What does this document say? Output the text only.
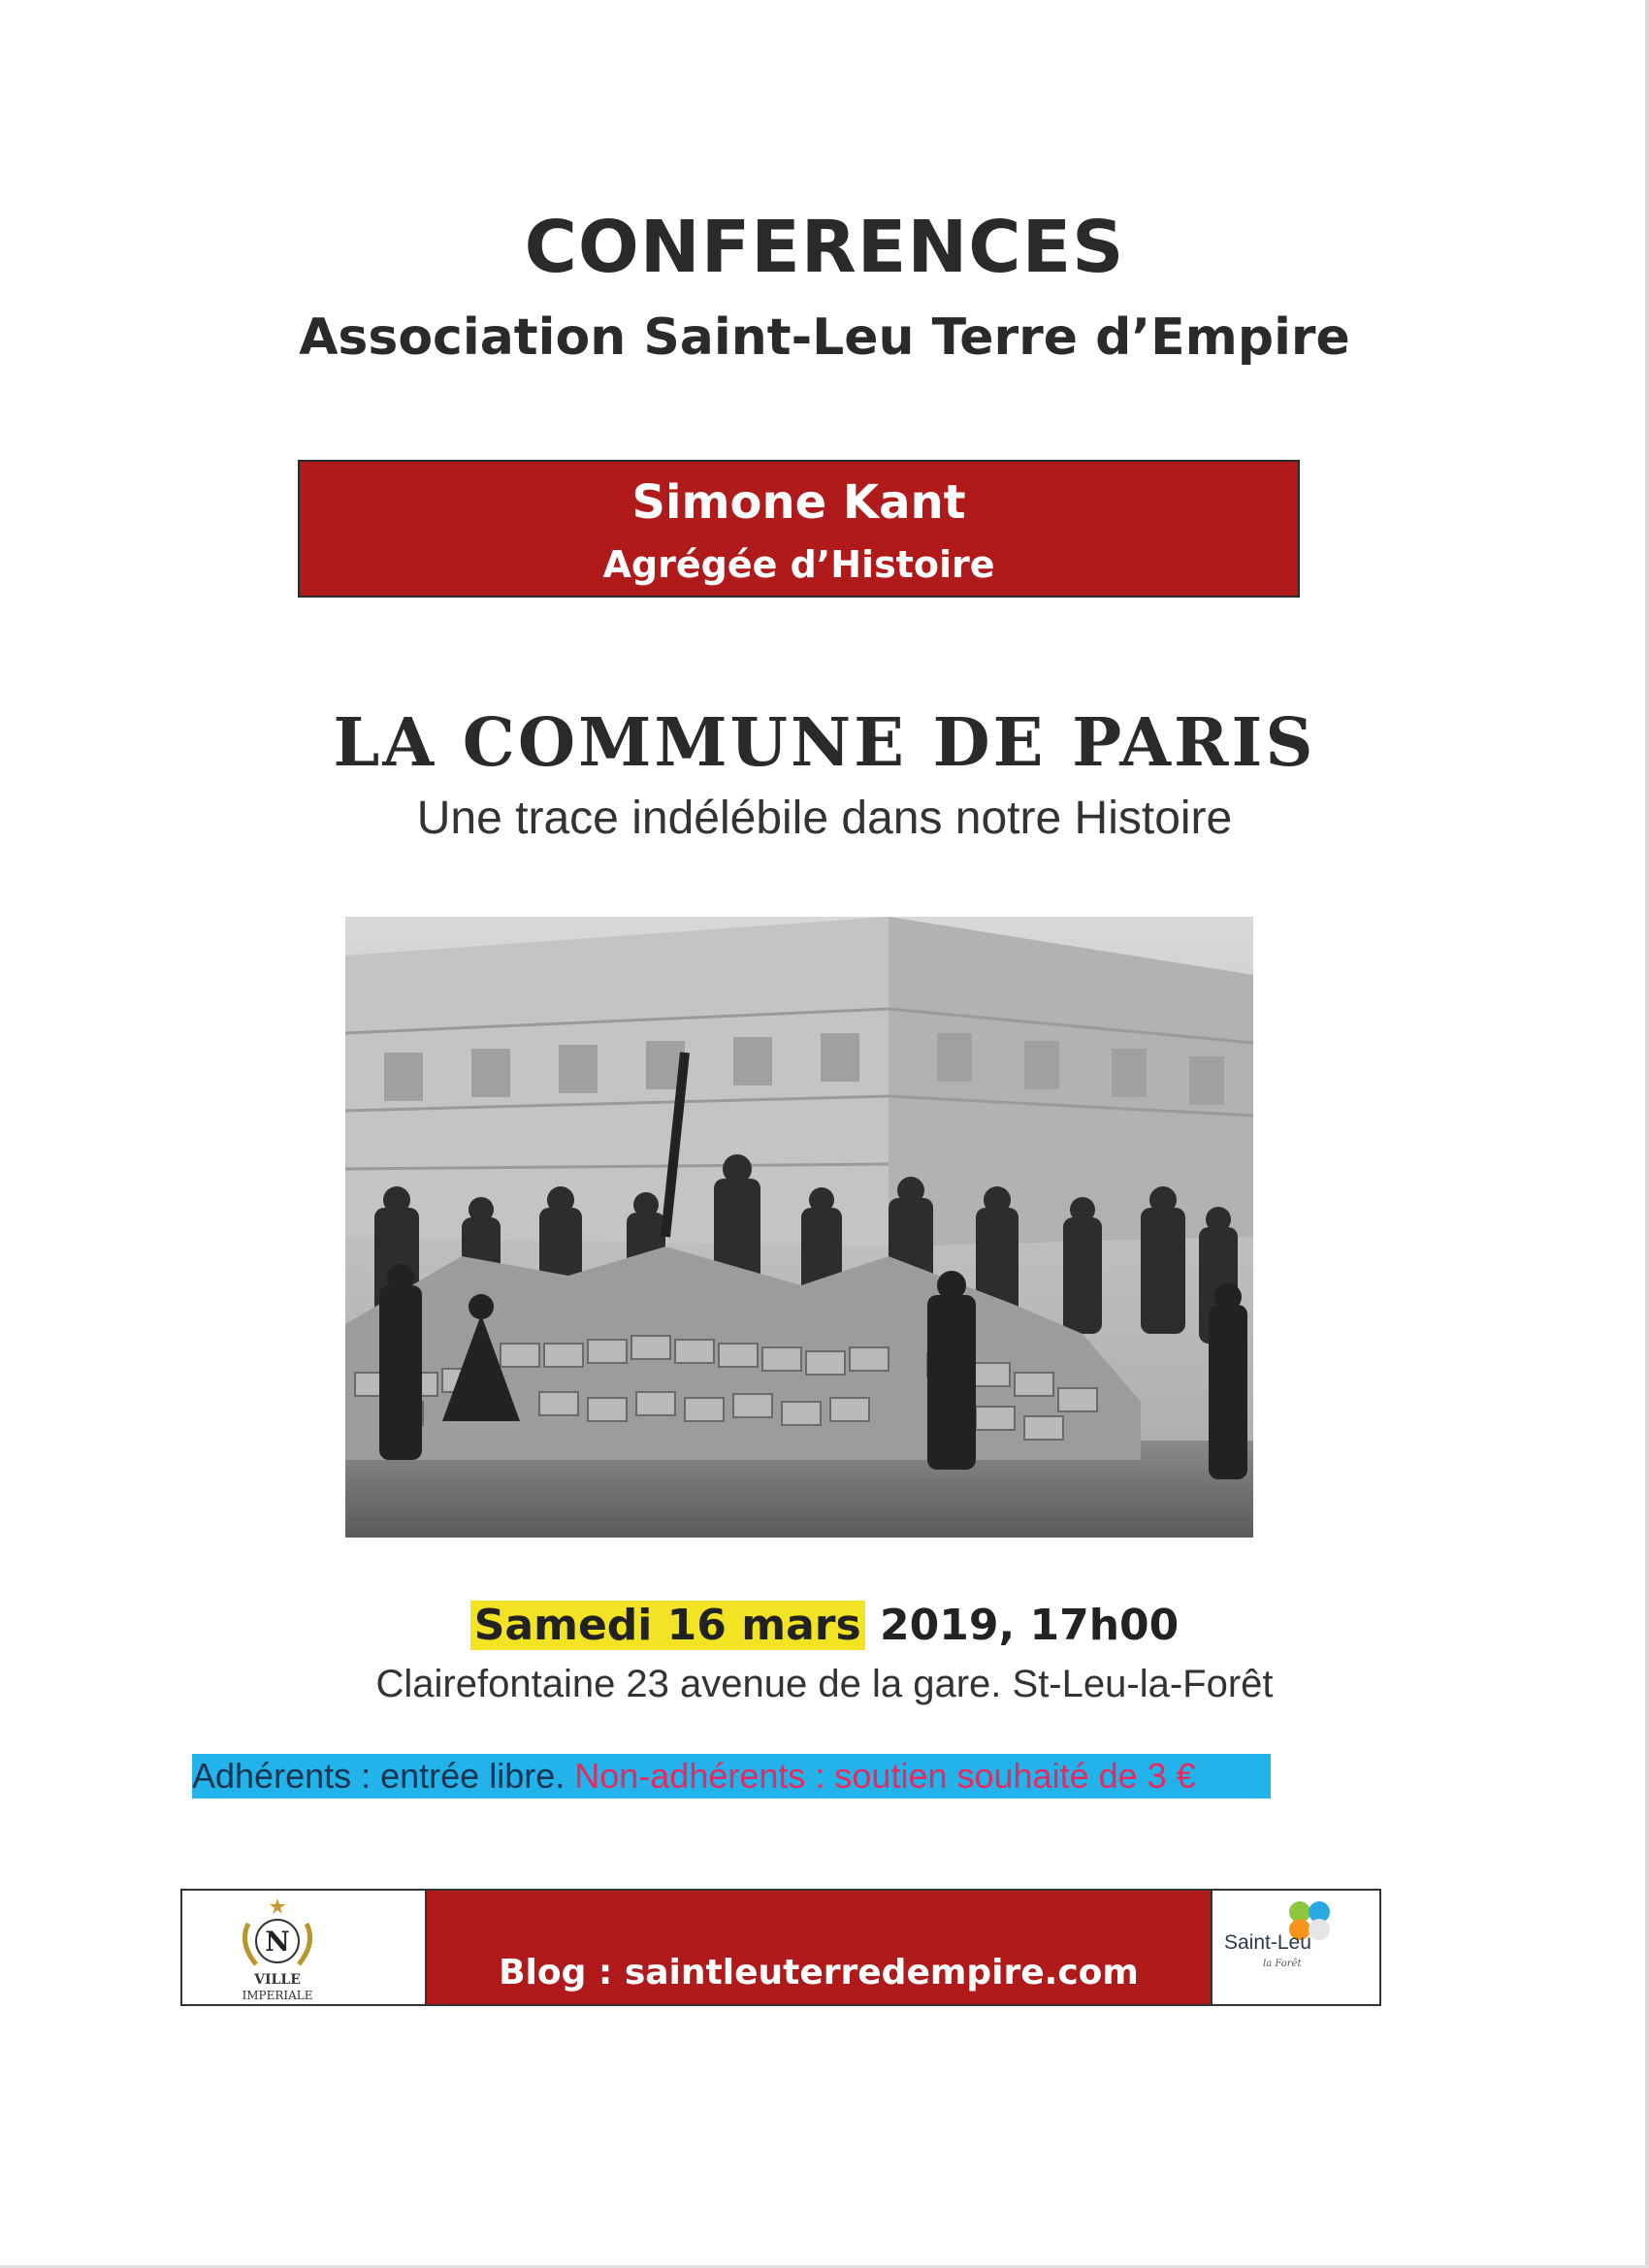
CONFERENCES
Association Saint-Leu Terre d’Empire
Simone Kant
Agrégée d’Histoire
LA COMMUNE DE PARIS
Une trace indélébile dans notre Histoire
Samedi 16 mars 2019, 17h00
Clairefontaine 23 avenue de la gare. St-Leu-la-Forêt
Adhérents : entrée libre. Non-adhérents : soutien souhaité de 3 €
N
VILLE
IMPERIALE
Blog : saintleuterredempire.com
Saint-Leu
la Forêt
